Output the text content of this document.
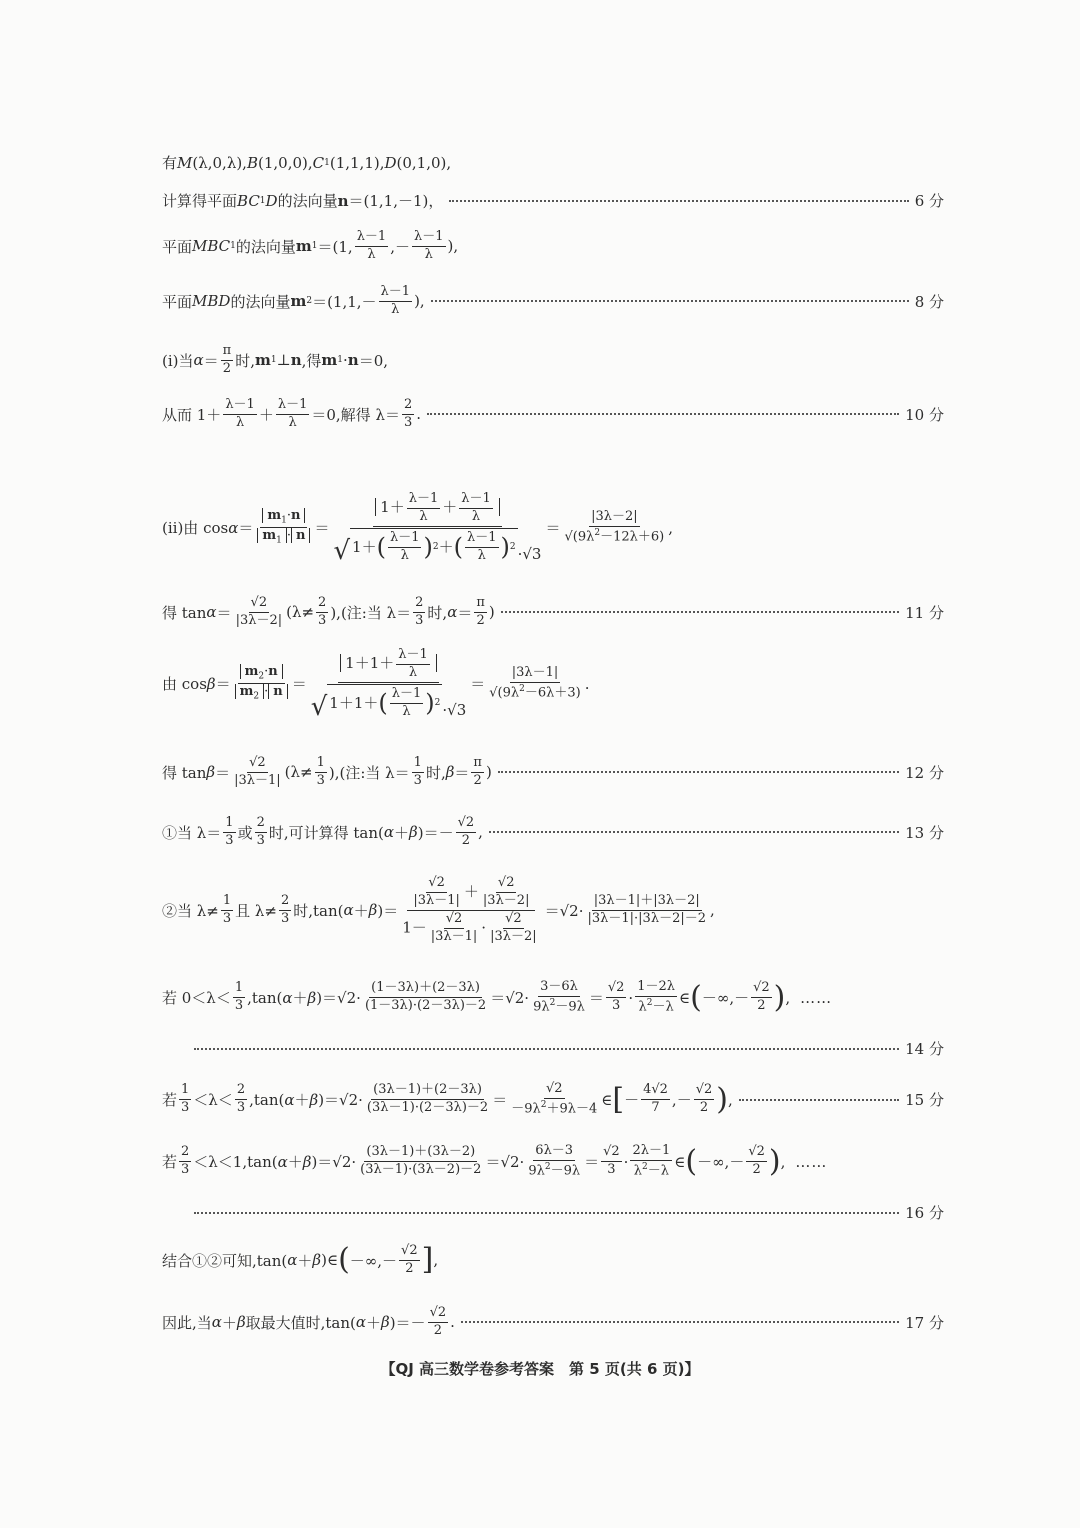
有 M (λ,0,λ), B (1,0,0), C 1 (1,1,1), D (0,1,0),
计算得平面 BC 1 D 的法向量 n ＝(1,1,－1)，	6 分
平面 MBC 1 的法向量 m 1 ＝(1, $\frac{\lambda-1}{\lambda}$ ,－ $\frac{\lambda-1}{\lambda}$ ),
平面 MBD 的法向量 m $2 =(1,1,- \frac{\lambda-1}{\lambda}$ ),	8 分
(ⅰ)当 $\alpha = \frac{\pi}{2}$ 时, m 1 ⊥ n ,得 m 1 · n ＝0,
从而 $1+ \frac{\lambda-1}{\lambda} + \frac{\lambda-1}{\lambda} =0$,解得 $\lambda= \frac{2}{3}$ .	10 分
(ⅱ)由 $\cos \alpha = \frac{m_1\cdot n}{m_1 \cdot n} = \frac{1+ \frac{\lambda-1}{\lambda} + \frac{\lambda-1}{\lambda}}{√ 1+ ( \frac{\lambda-1}{\lambda} ) 2 + ( \frac{\lambda-1}{\lambda} ) 2 \cdot√3} = \frac{|3\lambda-2|}{√(9\lambda^2-12\lambda+6)}$ ,
得 $\tan \alpha = \frac{√2}{|3\lambda-2|} (\lambda\ne \frac{2}{3}$ ),(注:当 $\lambda= \frac{2}{3}$ 时, $\alpha = \frac{\pi}{2}$ )	11 分
由 $\cos \beta = \frac{m_2\cdot n}{m_2 \cdot n} = \frac{1+1+ \frac{\lambda-1}{\lambda}}{√ 1+1+ ( \frac{\lambda-1}{\lambda} ) 2 \cdot√3} = \frac{|3\lambda-1|}{√(9\lambda^2-6\lambda+3)}$ .
得 $\tan \beta = \frac{√2}{|3\lambda-1|} (\lambda\ne \frac{1}{3}$ ),(注:当 $\lambda= \frac{1}{3}$ 时, $\beta = \frac{\pi}{2}$ )	12 分
①当 $\lambda= \frac{1}{3}$ 或 $\frac{2}{3}$ 时,可计算得 tan( α ＋ β )＝－ $\frac{√2}{2}$ ,	13 分
②当 $\lambda\ne \frac{1}{3}$ 且 $\lambda\ne \frac{2}{3}$ 时,tan( α ＋ β )＝ $\frac{\frac{√2}{|3\lambda-1|} + \frac{√2}{|3\lambda-2|}}{1- \frac{√2}{|3\lambda-1|} \cdot \frac{√2}{|3\lambda-2|}} =√2\cdot \frac{|3\lambda-1|+|3\lambda-2|}{|3\lambda-1|\cdot|3\lambda-2|-2}$ ,
若 $0<\lambda< \frac{1}{3} ,\tan$( α ＋ β )$=√2\cdot \frac{(1-3\lambda)+(2-3\lambda)}{(1-3\lambda)\cdot(2-3\lambda)-2} =√2\cdot \frac{3-6\lambda}{9\lambda^2-9\lambda} = \frac{√2}{3} \cdot \frac{1-2\lambda}{\lambda^2-\lambda}$ ∈ ( －∞,－ $\frac{√2}{2}$ ) , ……
14 分
若 $\frac{1}{3} <\lambda< \frac{2}{3} ,\tan$( α ＋ β )$=√2\cdot \frac{(3\lambda-1)+(2-3\lambda)}{(3\lambda-1)\cdot(2-3\lambda)-2} = \frac{√2}{-9\lambda^2+9\lambda-4}$ ∈ [ － $\frac{4√2}{7}$ ,－ $\frac{√2}{2}$ ) ,	15 分
若 $\frac{2}{3} <\lambda<1,\tan$( α ＋ β )$=√2\cdot \frac{(3\lambda-1)+(3\lambda-2)}{(3\lambda-1)\cdot(3\lambda-2)-2} =√2\cdot \frac{6\lambda-3}{9\lambda^2-9\lambda} = \frac{√2}{3} \cdot \frac{2\lambda-1}{\lambda^2-\lambda}$ ∈ ( －∞,－ $\frac{√2}{2}$ ) , ……
16 分
结合①②可知,tan( α ＋ β )∈ ( －∞,－ $\frac{√2}{2}$ ] ,
因此,当 α ＋ β 取最大值时,tan( α ＋ β )＝－ $\frac{√2}{2}$ .	17 分
【QJ 高三数学卷参考答案　第 5 页(共 6 页)】
